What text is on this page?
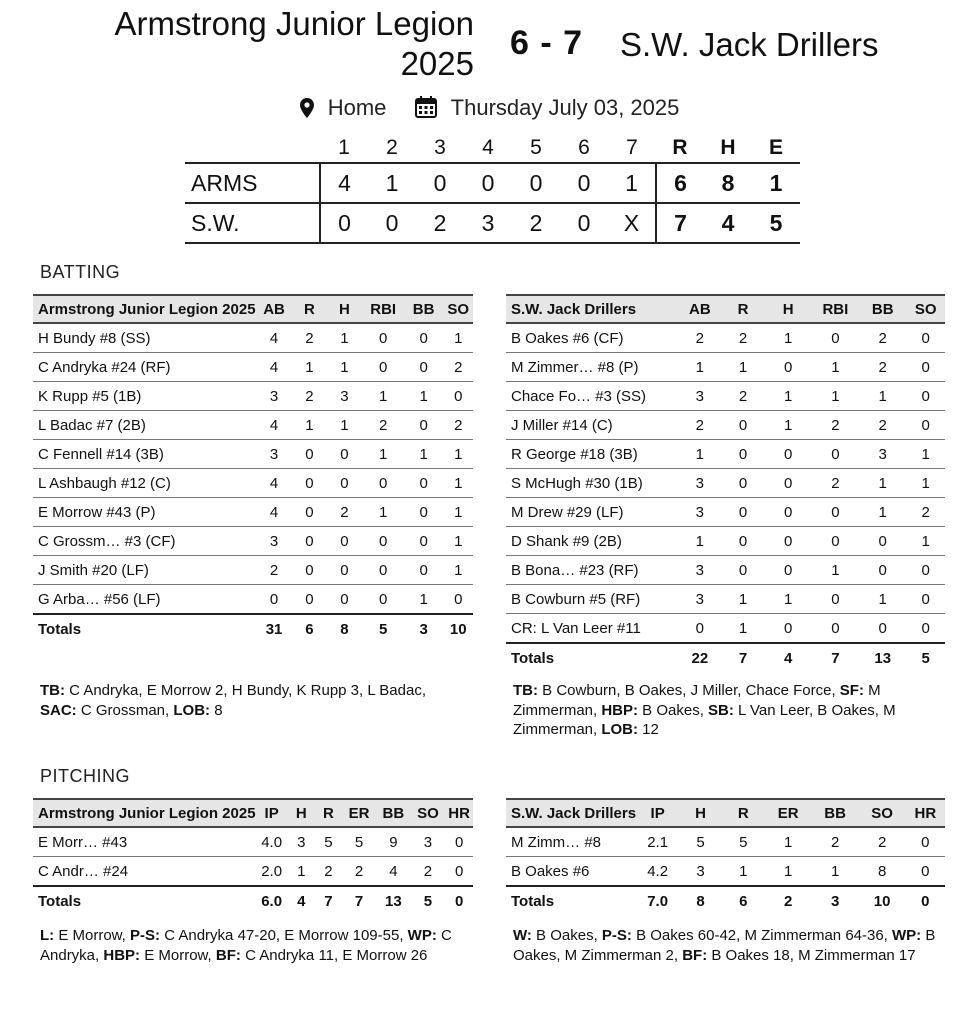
Armstrong Junior Legion
2025
6 - 7 S.W. Jack Drillers
Home	Thursday July 03, 2025
	1	2	3	4	5	6	7	R	H	E
ARMS	4	1	0	0	0	0	1	6	8	1
S.W.	0	0	2	3	2	0	X	7	4	5
BATTING
Armstrong Junior Legion 2025	AB	R	H	RBI	BB	SO
H Bundy #8 (SS)	4	2	1	0	0	1
C Andryka #24 (RF)	4	1	1	0	0	2
K Rupp #5 (1B)	3	2	3	1	1	0
L Badac #7 (2B)	4	1	1	2	0	2
C Fennell #14 (3B)	3	0	0	1	1	1
L Ashbaugh #12 (C)	4	0	0	0	0	1
E Morrow #43 (P)	4	0	2	1	0	1
C Grossm… #3 (CF)	3	0	0	0	0	1
J Smith #20 (LF)	2	0	0	0	0	1
G Arba… #56 (LF)	0	0	0	0	1	0
Totals	31	6	8	5	3	10
S.W. Jack Drillers	AB	R	H	RBI	BB	SO
B Oakes #6 (CF)	2	2	1	0	2	0
M Zimmer… #8 (P)	1	1	0	1	2	0
Chace Fo… #3 (SS)	3	2	1	1	1	0
J Miller #14 (C)	2	0	1	2	2	0
R George #18 (3B)	1	0	0	0	3	1
S McHugh #30 (1B)	3	0	0	2	1	1
M Drew #29 (LF)	3	0	0	0	1	2
D Shank #9 (2B)	1	0	0	0	0	1
B Bona… #23 (RF)	3	0	0	1	0	0
B Cowburn #5 (RF)	3	1	1	0	1	0
CR: L Van Leer #11	0	1	0	0	0	0
Totals	22	7	4	7	13	5
TB: C Andryka, E Morrow 2, H Bundy, K Rupp 3, L Badac, SAC: C Grossman, LOB: 8
TB: B Cowburn, B Oakes, J Miller, Chace Force, SF: M Zimmerman, HBP: B Oakes, SB: L Van Leer, B Oakes, M Zimmerman, LOB: 12
PITCHING
Armstrong Junior Legion 2025	IP	H	R	ER	BB	SO	HR
E Morr… #43	4.0	3	5	5	9	3	0
C Andr… #24	2.0	1	2	2	4	2	0
Totals	6.0	4	7	7	13	5	0
S.W. Jack Drillers	IP	H	R	ER	BB	SO	HR
M Zimm… #8	2.1	5	5	1	2	2	0
B Oakes #6	4.2	3	1	1	1	8	0
Totals	7.0	8	6	2	3	10	0
L: E Morrow, P-S: C Andryka 47-20, E Morrow 109-55, WP: C Andryka, HBP: E Morrow, BF: C Andryka 11, E Morrow 26
W: B Oakes, P-S: B Oakes 60-42, M Zimmerman 64-36, WP: B Oakes, M Zimmerman 2, BF: B Oakes 18, M Zimmerman 17
